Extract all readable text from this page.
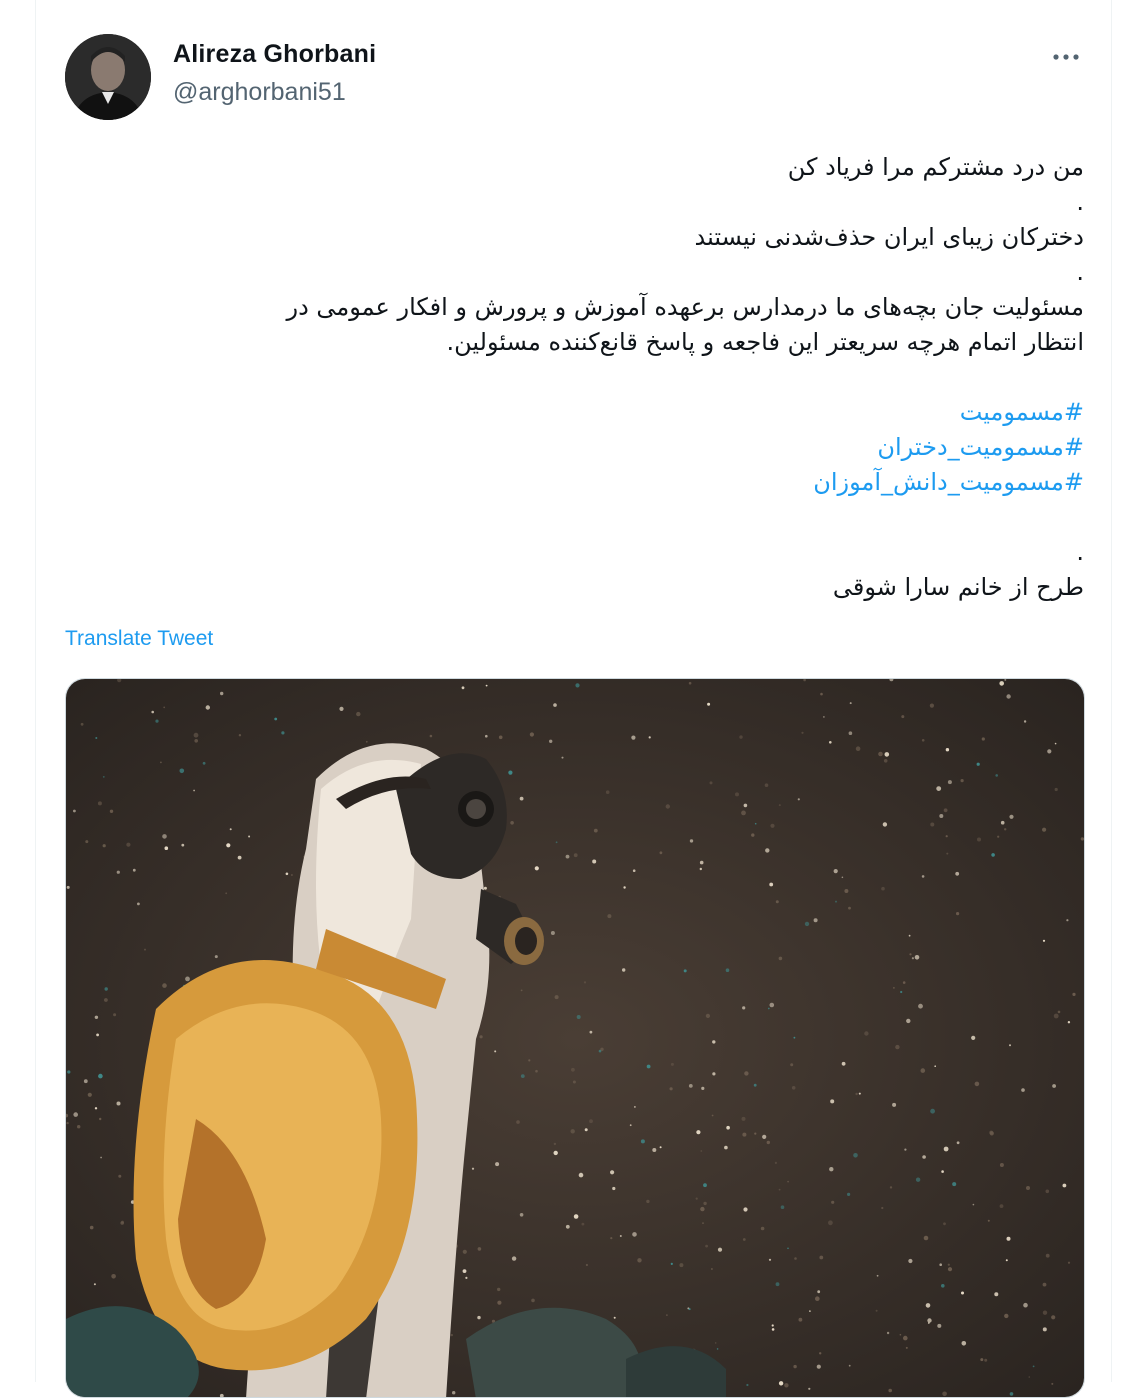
Alireza Ghorbani
@arghorbani51
من درد مشترکم مرا فریاد کن
.
دخترکان زیبای ایران حذف‌شدنی نیستند
.
مسئولیت جان بچه‌های ما درمدارس برعهده آموزش و پرورش و افکار عمومی در
انتظار اتمام هرچه سریعتر این فاجعه و پاسخ قانع‌کننده مسئولین.
#مسمومیت
#مسمومیت_دختران
#مسمومیت_دانش_آموزان
.
طرح از خانم سارا شوقی
Translate Tweet
